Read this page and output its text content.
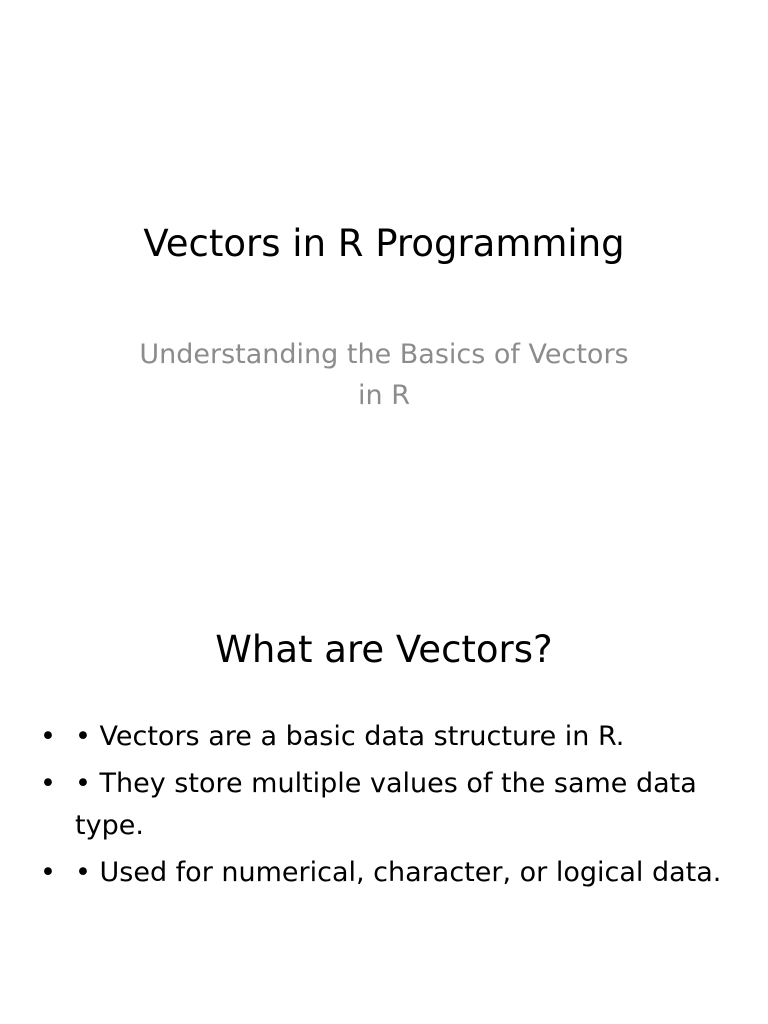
Vectors in R Programming

Understanding the Basics of Vectors in R

What are Vectors?
• • Vectors are a basic data structure in R.
• • They store multiple values of the same data type.
• • Used for numerical, character, or logical data.
